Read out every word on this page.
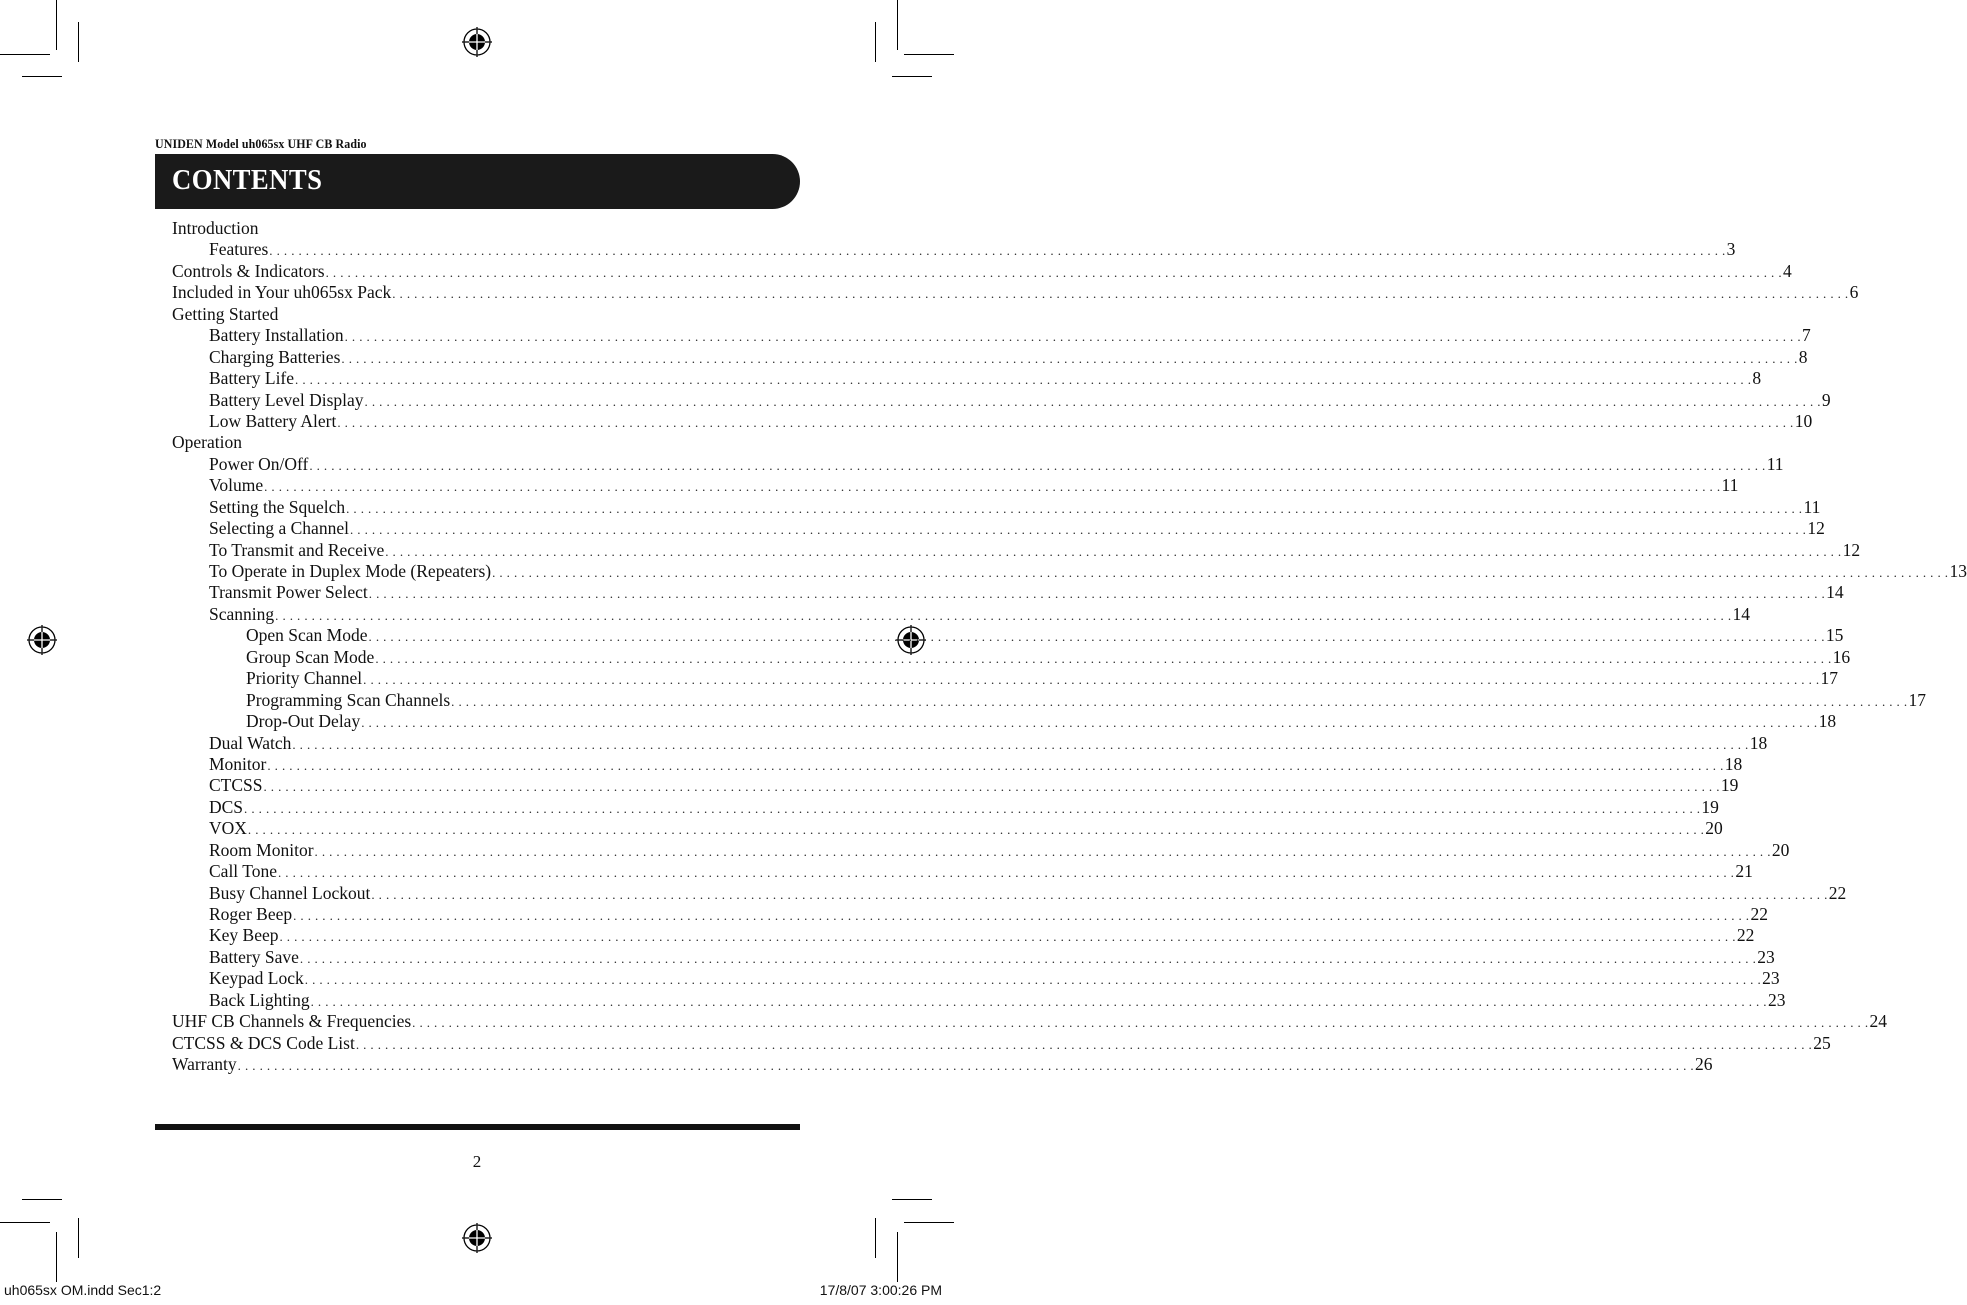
UNIDEN Model uh065sx UHF CB Radio
CONTENTS
Introduction
Features . . . . . . . . . . . . . . . . . . . . . . . . . . . . . . . . . . . . . . . . . . . . . . . . . . . . . . . . . . . . . . . . . . . . . . . . . . . . . . . . . . . . . . . . . . . . . . . . . . . . . . . . . . . . . . . . . . . . . . . . . . . . . . . . . . . . . . . . . . . . . . . . . . . . . . . . . . . . . . . . . . . . . . . . . . . . . . . . . . . . . . . . . . . . . . . . . . . . . . . . 3
Controls & Indicators . . . . . . . . . . . . . . . . . . . . . . . . . . . . . . . . . . . . . . . . . . . . . . . . . . . . . . . . . . . . . . . . . . . . . . . . . . . . . . . . . . . . . . . . . . . . . . . . . . . . . . . . . . . . . . . . . . . . . . . . . . . . . . . . . . . . . . . . . . . . . . . . . . . . . . . . . . . . . . . . . . . . . . . . . . . . . . . . . . . . . . . . . . . . . . . . . . . . . . . . 4
Included in Your uh065sx Pack . . . . . . . . . . . . . . . . . . . . . . . . . . . . . . . . . . . . . . . . . . . . . . . . . . . . . . . . . . . . . . . . . . . . . . . . . . . . . . . . . . . . . . . . . . . . . . . . . . . . . . . . . . . . . . . . . . . . . . . . . . . . . . . . . . . . . . . . . . . . . . . . . . . . . . . . . . . . . . . . . . . . . . . . . . . . . . . . . . . . . . . . . . . . . . . . . . . . . . . . 6
Getting Started
Battery Installation . . . . . . . . . . . . . . . . . . . . . . . . . . . . . . . . . . . . . . . . . . . . . . . . . . . . . . . . . . . . . . . . . . . . . . . . . . . . . . . . . . . . . . . . . . . . . . . . . . . . . . . . . . . . . . . . . . . . . . . . . . . . . . . . . . . . . . . . . . . . . . . . . . . . . . . . . . . . . . . . . . . . . . . . . . . . . . . . . . . . . . . . . . . . . . . . . . . . . . . . 7
Charging Batteries . . . . . . . . . . . . . . . . . . . . . . . . . . . . . . . . . . . . . . . . . . . . . . . . . . . . . . . . . . . . . . . . . . . . . . . . . . . . . . . . . . . . . . . . . . . . . . . . . . . . . . . . . . . . . . . . . . . . . . . . . . . . . . . . . . . . . . . . . . . . . . . . . . . . . . . . . . . . . . . . . . . . . . . . . . . . . . . . . . . . . . . . . . . . . . . . . . . . . . . . 8
Battery Life . . . . . . . . . . . . . . . . . . . . . . . . . . . . . . . . . . . . . . . . . . . . . . . . . . . . . . . . . . . . . . . . . . . . . . . . . . . . . . . . . . . . . . . . . . . . . . . . . . . . . . . . . . . . . . . . . . . . . . . . . . . . . . . . . . . . . . . . . . . . . . . . . . . . . . . . . . . . . . . . . . . . . . . . . . . . . . . . . . . . . . . . . . . . . . . . . . . . . . . . 8
Battery Level Display . . . . . . . . . . . . . . . . . . . . . . . . . . . . . . . . . . . . . . . . . . . . . . . . . . . . . . . . . . . . . . . . . . . . . . . . . . . . . . . . . . . . . . . . . . . . . . . . . . . . . . . . . . . . . . . . . . . . . . . . . . . . . . . . . . . . . . . . . . . . . . . . . . . . . . . . . . . . . . . . . . . . . . . . . . . . . . . . . . . . . . . . . . . . . . . . . . . . . . . . 9
Low Battery Alert . . . . . . . . . . . . . . . . . . . . . . . . . . . . . . . . . . . . . . . . . . . . . . . . . . . . . . . . . . . . . . . . . . . . . . . . . . . . . . . . . . . . . . . . . . . . . . . . . . . . . . . . . . . . . . . . . . . . . . . . . . . . . . . . . . . . . . . . . . . . . . . . . . . . . . . . . . . . . . . . . . . . . . . . . . . . . . . . . . . . . . . . . . . . . . . . . . . . . . . . 10
Operation
Power On/Off . . . . . . . . . . . . . . . . . . . . . . . . . . . . . . . . . . . . . . . . . . . . . . . . . . . . . . . . . . . . . . . . . . . . . . . . . . . . . . . . . . . . . . . . . . . . . . . . . . . . . . . . . . . . . . . . . . . . . . . . . . . . . . . . . . . . . . . . . . . . . . . . . . . . . . . . . . . . . . . . . . . . . . . . . . . . . . . . . . . . . . . . . . . . . . . . . . . . . . . . 11
Volume . . . . . . . . . . . . . . . . . . . . . . . . . . . . . . . . . . . . . . . . . . . . . . . . . . . . . . . . . . . . . . . . . . . . . . . . . . . . . . . . . . . . . . . . . . . . . . . . . . . . . . . . . . . . . . . . . . . . . . . . . . . . . . . . . . . . . . . . . . . . . . . . . . . . . . . . . . . . . . . . . . . . . . . . . . . . . . . . . . . . . . . . . . . . . . . . . . . . . . . . 11
Setting the Squelch . . . . . . . . . . . . . . . . . . . . . . . . . . . . . . . . . . . . . . . . . . . . . . . . . . . . . . . . . . . . . . . . . . . . . . . . . . . . . . . . . . . . . . . . . . . . . . . . . . . . . . . . . . . . . . . . . . . . . . . . . . . . . . . . . . . . . . . . . . . . . . . . . . . . . . . . . . . . . . . . . . . . . . . . . . . . . . . . . . . . . . . . . . . . . . . . . . . . . . . . 11
Selecting a Channel . . . . . . . . . . . . . . . . . . . . . . . . . . . . . . . . . . . . . . . . . . . . . . . . . . . . . . . . . . . . . . . . . . . . . . . . . . . . . . . . . . . . . . . . . . . . . . . . . . . . . . . . . . . . . . . . . . . . . . . . . . . . . . . . . . . . . . . . . . . . . . . . . . . . . . . . . . . . . . . . . . . . . . . . . . . . . . . . . . . . . . . . . . . . . . . . . . . . . . . . 12
To Transmit and Receive . . . . . . . . . . . . . . . . . . . . . . . . . . . . . . . . . . . . . . . . . . . . . . . . . . . . . . . . . . . . . . . . . . . . . . . . . . . . . . . . . . . . . . . . . . . . . . . . . . . . . . . . . . . . . . . . . . . . . . . . . . . . . . . . . . . . . . . . . . . . . . . . . . . . . . . . . . . . . . . . . . . . . . . . . . . . . . . . . . . . . . . . . . . . . . . . . . . . . . . . 12
To Operate in Duplex Mode (Repeaters) . . . . . . . . . . . . . . . . . . . . . . . . . . . . . . . . . . . . . . . . . . . . . . . . . . . . . . . . . . . . . . . . . . . . . . . . . . . . . . . . . . . . . . . . . . . . . . . . . . . . . . . . . . . . . . . . . . . . . . . . . . . . . . . . . . . . . . . . . . . . . . . . . . . . . . . . . . . . . . . . . . . . . . . . . . . . . . . . . . . . . . . . . . . . . . . . . . . . . . . . 13
Transmit Power Select . . . . . . . . . . . . . . . . . . . . . . . . . . . . . . . . . . . . . . . . . . . . . . . . . . . . . . . . . . . . . . . . . . . . . . . . . . . . . . . . . . . . . . . . . . . . . . . . . . . . . . . . . . . . . . . . . . . . . . . . . . . . . . . . . . . . . . . . . . . . . . . . . . . . . . . . . . . . . . . . . . . . . . . . . . . . . . . . . . . . . . . . . . . . . . . . . . . . . . . . 14
Scanning . . . . . . . . . . . . . . . . . . . . . . . . . . . . . . . . . . . . . . . . . . . . . . . . . . . . . . . . . . . . . . . . . . . . . . . . . . . . . . . . . . . . . . . . . . . . . . . . . . . . . . . . . . . . . . . . . . . . . . . . . . . . . . . . . . . . . . . . . . . . . . . . . . . . . . . . . . . . . . . . . . . . . . . . . . . . . . . . . . . . . . . . . . . . . . . . . . . . . . . . 14
Open Scan Mode . . . . . . . . . . . . . . . . . . . . . . . . . . . . . . . . . . . . . . . . . . . . . . . . . . . . . . . . . . . . . . . . . . . . . . . . . . . . . . . . . . . . . . . . . . . . . . . . . . . . . . . . . . . . . . . . . . . . . . . . . . . . . . . . . . . . . . . . . . . . . . . . . . . . . . . . . . . . . . . . . . . . . . . . . . . . . . . . . . . . . . . . . . . . . . . . . . . . . . . . 15
Group Scan Mode . . . . . . . . . . . . . . . . . . . . . . . . . . . . . . . . . . . . . . . . . . . . . . . . . . . . . . . . . . . . . . . . . . . . . . . . . . . . . . . . . . . . . . . . . . . . . . . . . . . . . . . . . . . . . . . . . . . . . . . . . . . . . . . . . . . . . . . . . . . . . . . . . . . . . . . . . . . . . . . . . . . . . . . . . . . . . . . . . . . . . . . . . . . . . . . . . . . . . . . . 16
Priority Channel . . . . . . . . . . . . . . . . . . . . . . . . . . . . . . . . . . . . . . . . . . . . . . . . . . . . . . . . . . . . . . . . . . . . . . . . . . . . . . . . . . . . . . . . . . . . . . . . . . . . . . . . . . . . . . . . . . . . . . . . . . . . . . . . . . . . . . . . . . . . . . . . . . . . . . . . . . . . . . . . . . . . . . . . . . . . . . . . . . . . . . . . . . . . . . . . . . . . . . . . 17
Programming Scan Channels . . . . . . . . . . . . . . . . . . . . . . . . . . . . . . . . . . . . . . . . . . . . . . . . . . . . . . . . . . . . . . . . . . . . . . . . . . . . . . . . . . . . . . . . . . . . . . . . . . . . . . . . . . . . . . . . . . . . . . . . . . . . . . . . . . . . . . . . . . . . . . . . . . . . . . . . . . . . . . . . . . . . . . . . . . . . . . . . . . . . . . . . . . . . . . . . . . . . . . . . 17
Drop-Out Delay . . . . . . . . . . . . . . . . . . . . . . . . . . . . . . . . . . . . . . . . . . . . . . . . . . . . . . . . . . . . . . . . . . . . . . . . . . . . . . . . . . . . . . . . . . . . . . . . . . . . . . . . . . . . . . . . . . . . . . . . . . . . . . . . . . . . . . . . . . . . . . . . . . . . . . . . . . . . . . . . . . . . . . . . . . . . . . . . . . . . . . . . . . . . . . . . . . . . . . . . 18
Dual Watch . . . . . . . . . . . . . . . . . . . . . . . . . . . . . . . . . . . . . . . . . . . . . . . . . . . . . . . . . . . . . . . . . . . . . . . . . . . . . . . . . . . . . . . . . . . . . . . . . . . . . . . . . . . . . . . . . . . . . . . . . . . . . . . . . . . . . . . . . . . . . . . . . . . . . . . . . . . . . . . . . . . . . . . . . . . . . . . . . . . . . . . . . . . . . . . . . . . . . . . . 18
Monitor . . . . . . . . . . . . . . . . . . . . . . . . . . . . . . . . . . . . . . . . . . . . . . . . . . . . . . . . . . . . . . . . . . . . . . . . . . . . . . . . . . . . . . . . . . . . . . . . . . . . . . . . . . . . . . . . . . . . . . . . . . . . . . . . . . . . . . . . . . . . . . . . . . . . . . . . . . . . . . . . . . . . . . . . . . . . . . . . . . . . . . . . . . . . . . . . . . . . . . . . 18
CTCSS . . . . . . . . . . . . . . . . . . . . . . . . . . . . . . . . . . . . . . . . . . . . . . . . . . . . . . . . . . . . . . . . . . . . . . . . . . . . . . . . . . . . . . . . . . . . . . . . . . . . . . . . . . . . . . . . . . . . . . . . . . . . . . . . . . . . . . . . . . . . . . . . . . . . . . . . . . . . . . . . . . . . . . . . . . . . . . . . . . . . . . . . . . . . . . . . . . . . . . . . 19
DCS . . . . . . . . . . . . . . . . . . . . . . . . . . . . . . . . . . . . . . . . . . . . . . . . . . . . . . . . . . . . . . . . . . . . . . . . . . . . . . . . . . . . . . . . . . . . . . . . . . . . . . . . . . . . . . . . . . . . . . . . . . . . . . . . . . . . . . . . . . . . . . . . . . . . . . . . . . . . . . . . . . . . . . . . . . . . . . . . . . . . . . . . . . . . . . . . . . . . . . . . 19
VOX . . . . . . . . . . . . . . . . . . . . . . . . . . . . . . . . . . . . . . . . . . . . . . . . . . . . . . . . . . . . . . . . . . . . . . . . . . . . . . . . . . . . . . . . . . . . . . . . . . . . . . . . . . . . . . . . . . . . . . . . . . . . . . . . . . . . . . . . . . . . . . . . . . . . . . . . . . . . . . . . . . . . . . . . . . . . . . . . . . . . . . . . . . . . . . . . . . . . . . . . 20
Room Monitor . . . . . . . . . . . . . . . . . . . . . . . . . . . . . . . . . . . . . . . . . . . . . . . . . . . . . . . . . . . . . . . . . . . . . . . . . . . . . . . . . . . . . . . . . . . . . . . . . . . . . . . . . . . . . . . . . . . . . . . . . . . . . . . . . . . . . . . . . . . . . . . . . . . . . . . . . . . . . . . . . . . . . . . . . . . . . . . . . . . . . . . . . . . . . . . . . . . . . . . . 20
Call Tone . . . . . . . . . . . . . . . . . . . . . . . . . . . . . . . . . . . . . . . . . . . . . . . . . . . . . . . . . . . . . . . . . . . . . . . . . . . . . . . . . . . . . . . . . . . . . . . . . . . . . . . . . . . . . . . . . . . . . . . . . . . . . . . . . . . . . . . . . . . . . . . . . . . . . . . . . . . . . . . . . . . . . . . . . . . . . . . . . . . . . . . . . . . . . . . . . . . . . . . . 21
Busy Channel Lockout . . . . . . . . . . . . . . . . . . . . . . . . . . . . . . . . . . . . . . . . . . . . . . . . . . . . . . . . . . . . . . . . . . . . . . . . . . . . . . . . . . . . . . . . . . . . . . . . . . . . . . . . . . . . . . . . . . . . . . . . . . . . . . . . . . . . . . . . . . . . . . . . . . . . . . . . . . . . . . . . . . . . . . . . . . . . . . . . . . . . . . . . . . . . . . . . . . . . . . . . 22
Roger Beep . . . . . . . . . . . . . . . . . . . . . . . . . . . . . . . . . . . . . . . . . . . . . . . . . . . . . . . . . . . . . . . . . . . . . . . . . . . . . . . . . . . . . . . . . . . . . . . . . . . . . . . . . . . . . . . . . . . . . . . . . . . . . . . . . . . . . . . . . . . . . . . . . . . . . . . . . . . . . . . . . . . . . . . . . . . . . . . . . . . . . . . . . . . . . . . . . . . . . . . . 22
Key Beep . . . . . . . . . . . . . . . . . . . . . . . . . . . . . . . . . . . . . . . . . . . . . . . . . . . . . . . . . . . . . . . . . . . . . . . . . . . . . . . . . . . . . . . . . . . . . . . . . . . . . . . . . . . . . . . . . . . . . . . . . . . . . . . . . . . . . . . . . . . . . . . . . . . . . . . . . . . . . . . . . . . . . . . . . . . . . . . . . . . . . . . . . . . . . . . . . . . . . . . . 22
Battery Save . . . . . . . . . . . . . . . . . . . . . . . . . . . . . . . . . . . . . . . . . . . . . . . . . . . . . . . . . . . . . . . . . . . . . . . . . . . . . . . . . . . . . . . . . . . . . . . . . . . . . . . . . . . . . . . . . . . . . . . . . . . . . . . . . . . . . . . . . . . . . . . . . . . . . . . . . . . . . . . . . . . . . . . . . . . . . . . . . . . . . . . . . . . . . . . . . . . . . . . . 23
Keypad Lock . . . . . . . . . . . . . . . . . . . . . . . . . . . . . . . . . . . . . . . . . . . . . . . . . . . . . . . . . . . . . . . . . . . . . . . . . . . . . . . . . . . . . . . . . . . . . . . . . . . . . . . . . . . . . . . . . . . . . . . . . . . . . . . . . . . . . . . . . . . . . . . . . . . . . . . . . . . . . . . . . . . . . . . . . . . . . . . . . . . . . . . . . . . . . . . . . . . . . . . . 23
Back Lighting . . . . . . . . . . . . . . . . . . . . . . . . . . . . . . . . . . . . . . . . . . . . . . . . . . . . . . . . . . . . . . . . . . . . . . . . . . . . . . . . . . . . . . . . . . . . . . . . . . . . . . . . . . . . . . . . . . . . . . . . . . . . . . . . . . . . . . . . . . . . . . . . . . . . . . . . . . . . . . . . . . . . . . . . . . . . . . . . . . . . . . . . . . . . . . . . . . . . . . . . 23
UHF CB Channels & Frequencies . . . . . . . . . . . . . . . . . . . . . . . . . . . . . . . . . . . . . . . . . . . . . . . . . . . . . . . . . . . . . . . . . . . . . . . . . . . . . . . . . . . . . . . . . . . . . . . . . . . . . . . . . . . . . . . . . . . . . . . . . . . . . . . . . . . . . . . . . . . . . . . . . . . . . . . . . . . . . . . . . . . . . . . . . . . . . . . . . . . . . . . . . . . . . . . . . . . . . . . . 24
CTCSS & DCS Code List . . . . . . . . . . . . . . . . . . . . . . . . . . . . . . . . . . . . . . . . . . . . . . . . . . . . . . . . . . . . . . . . . . . . . . . . . . . . . . . . . . . . . . . . . . . . . . . . . . . . . . . . . . . . . . . . . . . . . . . . . . . . . . . . . . . . . . . . . . . . . . . . . . . . . . . . . . . . . . . . . . . . . . . . . . . . . . . . . . . . . . . . . . . . . . . . . . . . . . . . 25
Warranty . . . . . . . . . . . . . . . . . . . . . . . . . . . . . . . . . . . . . . . . . . . . . . . . . . . . . . . . . . . . . . . . . . . . . . . . . . . . . . . . . . . . . . . . . . . . . . . . . . . . . . . . . . . . . . . . . . . . . . . . . . . . . . . . . . . . . . . . . . . . . . . . . . . . . . . . . . . . . . . . . . . . . . . . . . . . . . . . . . . . . . . . . . . . . . . . . . . . . . . . 26
2
uh065sx OM.indd Sec1:2	17/8/07 3:00:26 PM
